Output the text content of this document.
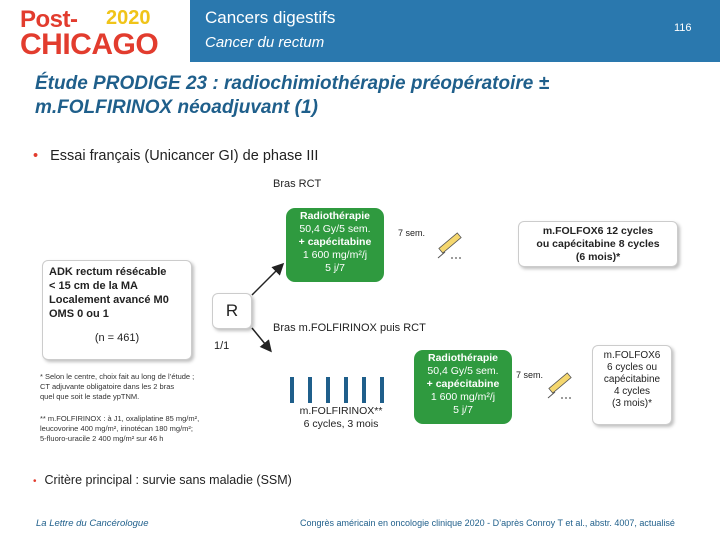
Post- 2020
CHICAGO
Cancers digestifs
Cancer du rectum
116
Étude PRODIGE 23 : radiochimiothérapie préopératoire ± m.FOLFIRINOX néoadjuvant (1)
• Essai français (Unicancer GI) de phase III
Bras RCT
Radiothérapie
50,4 Gy/5 sem.
+ capécitabine
1 600 mg/m²/j
5 j/7
7 sem.	m.FOLFOX6 12 cycles
ou capécitabine 8 cycles
(6 mois)*
ADK rectum résécable
< 15 cm de la MA
Localement avancé M0
OMS 0 ou 1
(n = 461)
R
1/1
Bras m.FOLFIRINOX puis RCT
m.FOLFIRINOX**
6 cycles, 3 mois
Radiothérapie
50,4 Gy/5 sem.
+ capécitabine
1 600 mg/m²/j
5 j/7
7 sem.
m.FOLFOX6
6 cycles ou
capécitabine
4 cycles
(3 mois)*
* Selon le centre, choix fait au long de l’étude ;
CT adjuvante obligatoire dans les 2 bras
quel que soit le stade ypTNM.
** m.FOLFIRINOX : à J1, oxaliplatine 85 mg/m²,
leucovorine 400 mg/m², irinotécan 180 mg/m²;
5-fluoro-uracile 2 400 mg/m² sur 46 h
• Critère principal : survie sans maladie (SSM)
La Lettre du Cancérologue	Congrès américain en oncologie clinique 2020 - D’après Conroy T et al., abstr. 4007, actualisé
